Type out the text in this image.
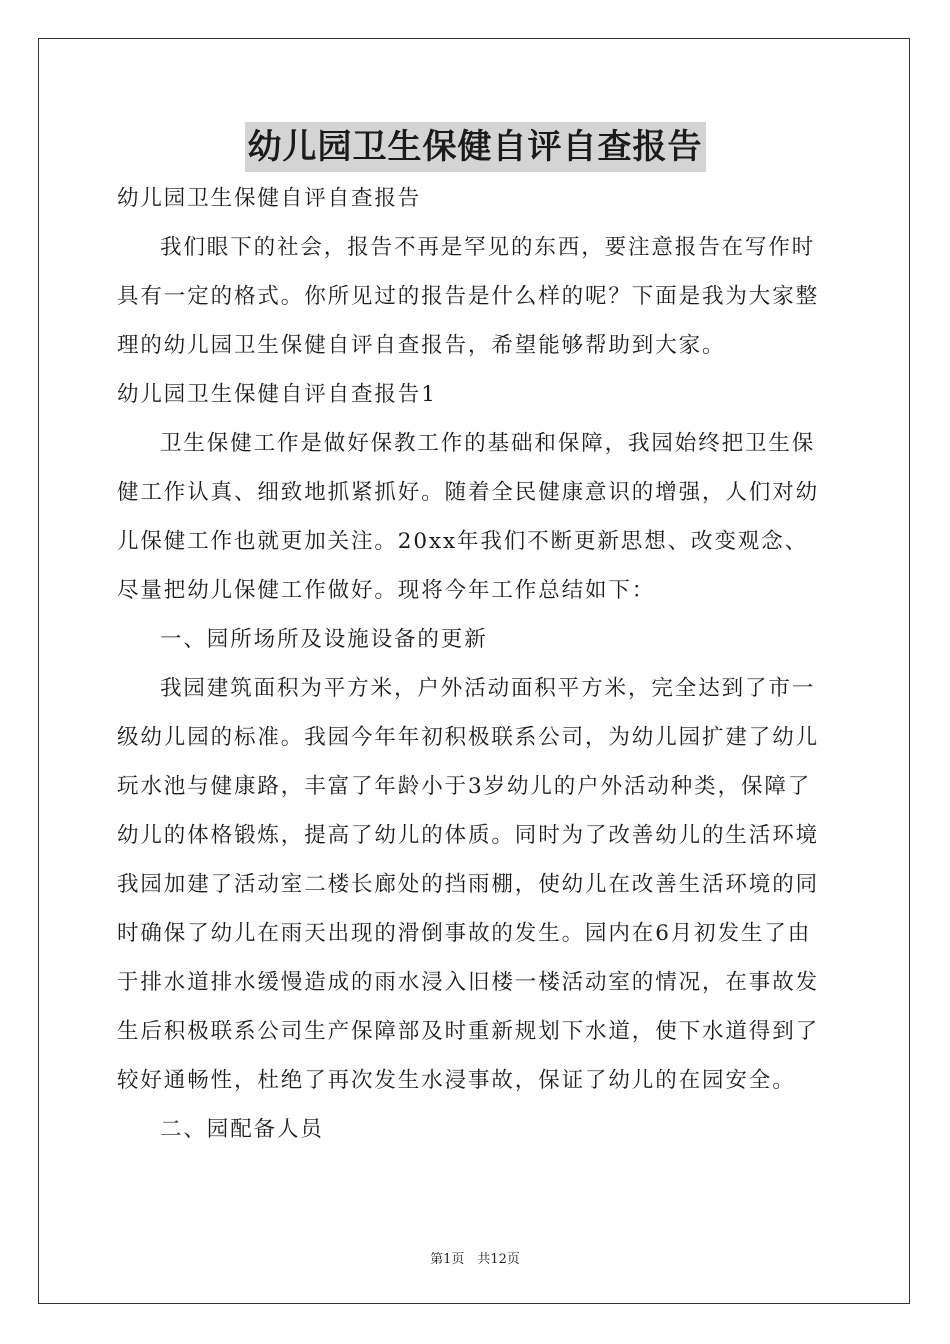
幼儿园卫生保健自评自查报告

幼儿园卫生保健自评自查报告

我们眼下的社会，报告不再是罕见的东西，要注意报告在写作时

具有一定的格式。你所见过的报告是什么样的呢？下面是我为大家整

理的幼儿园卫生保健自评自查报告，希望能够帮助到大家。

幼儿园卫生保健自评自查报告1

卫生保健工作是做好保教工作的基础和保障，我园始终把卫生保

健工作认真、细致地抓紧抓好。随着全民健康意识的增强，人们对幼

儿保健工作也就更加关注。20xx年我们不断更新思想、改变观念、

尽量把幼儿保健工作做好。现将今年工作总结如下：

一、园所场所及设施设备的更新

我园建筑面积为平方米，户外活动面积平方米，完全达到了市一

级幼儿园的标准。我园今年年初积极联系公司，为幼儿园扩建了幼儿

玩水池与健康路，丰富了年龄小于3岁幼儿的户外活动种类，保障了

幼儿的体格锻炼，提高了幼儿的体质。同时为了改善幼儿的生活环境

我园加建了活动室二楼长廊处的挡雨棚，使幼儿在改善生活环境的同

时确保了幼儿在雨天出现的滑倒事故的发生。园内在6月初发生了由

于排水道排水缓慢造成的雨水浸入旧楼一楼活动室的情况，在事故发

生后积极联系公司生产保障部及时重新规划下水道，使下水道得到了

较好通畅性，杜绝了再次发生水浸事故，保证了幼儿的在园安全。

二、园配备人员

第1页　共12页
